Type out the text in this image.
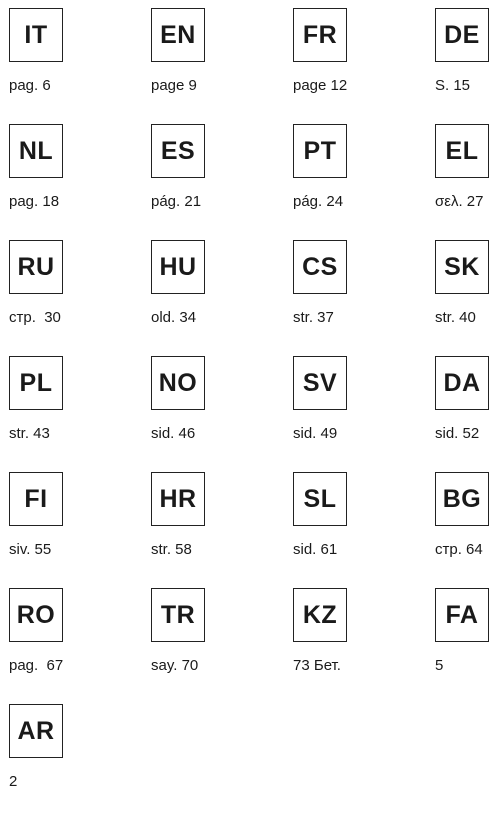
IT
pag. 6
EN
page 9
FR
page 12
DE
S. 15
NL
pag. 18
ES
pág. 21
PT
pág. 24
EL
σελ. 27
RU
стр.  30
HU
old. 34
CS
str. 37
SK
str. 40
PL
str. 43
NO
sid. 46
SV
sid. 49
DA
sid. 52
FI
siv. 55
HR
str. 58
SL
sid. 61
BG
стр. 64
RO
pag.  67
TR
say. 70
KZ
73 Бет.
FA
5
AR
2
